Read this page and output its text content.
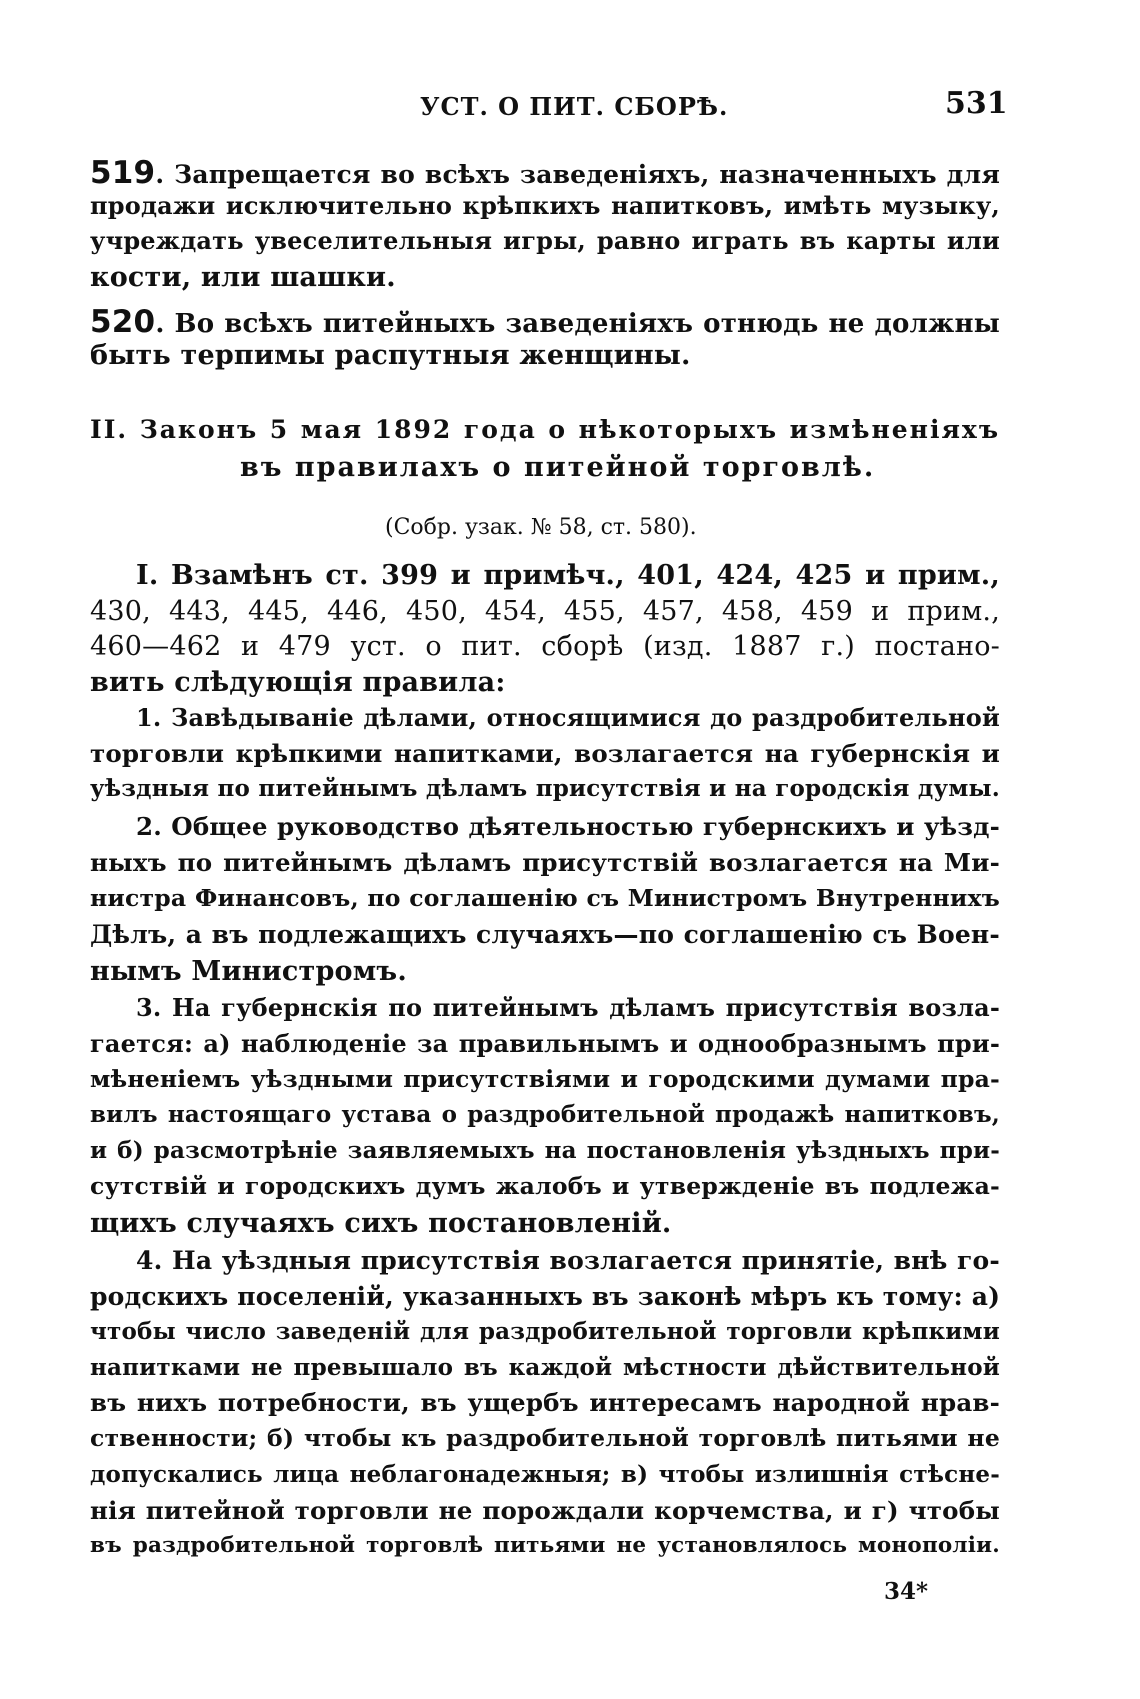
УСТ. О ПИТ. СБОРѢ.	531
519. Запрещается во всѣхъ заведеніяхъ, назначенныхъ для
продажи исключительно крѣпкихъ напитковъ, имѣть музыку,
учреждать увеселительныя игры, равно играть въ карты или
кости, или шашки.
520. Во всѣхъ питейныхъ заведеніяхъ отнюдь не должны
быть терпимы распутныя женщины.
II. Законъ 5 мая 1892 года о нѣкоторыхъ измѣненіяхъ
въ правилахъ о питейной торговлѣ.
(Собр. узак. № 58, ст. 580).
I. Взамѣнъ ст. 399 и примѣч., 401, 424, 425 и прим.,
430, 443, 445, 446, 450, 454, 455, 457, 458, 459 и прим.,
460—462 и 479 уст. о пит. сборѣ (изд. 1887 г.) постано-
вить слѣдующія правила:
1. Завѣдываніе дѣлами, относящимися до раздробительной
торговли крѣпкими напитками, возлагается на губернскія и
уѣздныя по питейнымъ дѣламъ присутствія и на городскія думы.
2. Общее руководство дѣятельностью губернскихъ и уѣзд-
ныхъ по питейнымъ дѣламъ присутствій возлагается на Ми-
нистра Финансовъ, по соглашенію съ Министромъ Внутреннихъ
Дѣлъ, а въ подлежащихъ случаяхъ—по соглашенію съ Воен-
нымъ Министромъ.
3. На губернскія по питейнымъ дѣламъ присутствія возла-
гается: а) наблюденіе за правильнымъ и однообразнымъ при-
мѣненіемъ уѣздными присутствіями и городскими думами пра-
вилъ настоящаго устава о раздробительной продажѣ напитковъ,
и б) разсмотрѣніе заявляемыхъ на постановленія уѣздныхъ при-
сутствій и городскихъ думъ жалобъ и утвержденіе въ подлежа-
щихъ случаяхъ сихъ постановленій.
4. На уѣздныя присутствія возлагается принятіе, внѣ го-
родскихъ поселеній, указанныхъ въ законѣ мѣръ къ тому: а)
чтобы число заведеній для раздробительной торговли крѣпкими
напитками не превышало въ каждой мѣстности дѣйствительной
въ нихъ потребности, въ ущербъ интересамъ народной нрав-
ственности; б) чтобы къ раздробительной торговлѣ питьями не
допускались лица неблагонадежныя; в) чтобы излишнія стѣсне-
нія питейной торговли не порождали корчемства, и г) чтобы
въ раздробительной торговлѣ питьями не установлялось монополіи.
34*
